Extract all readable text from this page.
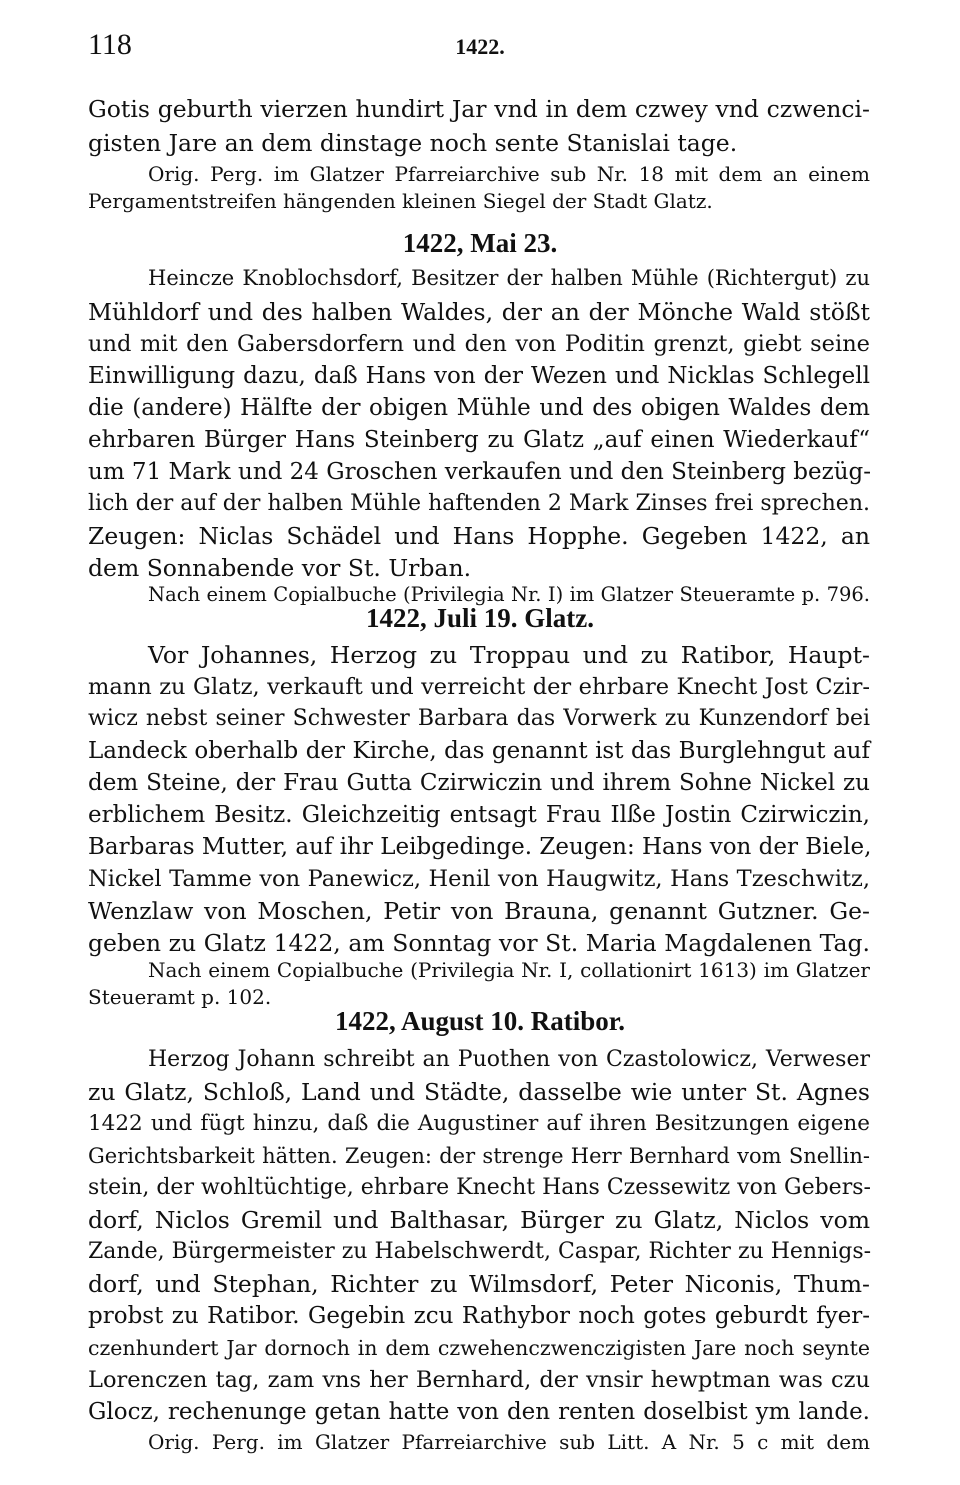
118	1422.
Gotis geburth vierzen hundirt Jar vnd in dem czwey vnd czwenci-
gisten Jare an dem dinstage noch sente Stanislai tage.
Orig. Perg. im Glatzer Pfarreiarchive sub Nr. 18 mit dem an einem
Pergamentstreifen hängenden kleinen Siegel der Stadt Glatz.
1422, Mai 23.
Heincze Knoblochsdorf, Besitzer der halben Mühle (Richtergut) zu
Mühldorf und des halben Waldes, der an der Mönche Wald stößt
und mit den Gabersdorfern und den von Poditin grenzt, giebt seine
Einwilligung dazu, daß Hans von der Wezen und Nicklas Schlegell
die (andere) Hälfte der obigen Mühle und des obigen Waldes dem
ehrbaren Bürger Hans Steinberg zu Glatz „auf einen Wiederkauf“
um 71 Mark und 24 Groschen verkaufen und den Steinberg bezüg-
lich der auf der halben Mühle haftenden 2 Mark Zinses frei sprechen.
Zeugen: Niclas Schädel und Hans Hopphe. Gegeben 1422, an
dem Sonnabende vor St. Urban.
Nach einem Copialbuche (Privilegia Nr. I) im Glatzer Steueramte p. 796.
1422, Juli 19. Glatz.
Vor Johannes, Herzog zu Troppau und zu Ratibor, Haupt-
mann zu Glatz, verkauft und verreicht der ehrbare Knecht Jost Czir-
wicz nebst seiner Schwester Barbara das Vorwerk zu Kunzendorf bei
Landeck oberhalb der Kirche, das genannt ist das Burglehngut auf
dem Steine, der Frau Gutta Czirwiczin und ihrem Sohne Nickel zu
erblichem Besitz. Gleichzeitig entsagt Frau Ilße Jostin Czirwiczin,
Barbaras Mutter, auf ihr Leibgedinge. Zeugen: Hans von der Biele,
Nickel Tamme von Panewicz, Henil von Haugwitz, Hans Tzeschwitz,
Wenzlaw von Moschen, Petir von Brauna, genannt Gutzner. Ge-
geben zu Glatz 1422, am Sonntag vor St. Maria Magdalenen Tag.
Nach einem Copialbuche (Privilegia Nr. I, collationirt 1613) im Glatzer
Steueramt p. 102.
1422, August 10. Ratibor.
Herzog Johann schreibt an Puothen von Czastolowicz, Verweser
zu Glatz, Schloß, Land und Städte, dasselbe wie unter St. Agnes
1422 und fügt hinzu, daß die Augustiner auf ihren Besitzungen eigene
Gerichtsbarkeit hätten. Zeugen: der strenge Herr Bernhard vom Snellin-
stein, der wohltüchtige, ehrbare Knecht Hans Czessewitz von Gebers-
dorf, Niclos Gremil und Balthasar, Bürger zu Glatz, Niclos vom
Zande, Bürgermeister zu Habelschwerdt, Caspar, Richter zu Hennigs-
dorf, und Stephan, Richter zu Wilmsdorf, Peter Niconis, Thum-
probst zu Ratibor. Gegebin zcu Rathybor noch gotes geburdt fyer-
czenhundert Jar dornoch in dem czwehenczwenczigisten Jare noch seynte
Lorenczen tag, zam vns her Bernhard, der vnsir hewptman was czu
Glocz, rechenunge getan hatte von den renten doselbist ym lande.
Orig. Perg. im Glatzer Pfarreiarchive sub Litt. A Nr. 5 c mit dem
